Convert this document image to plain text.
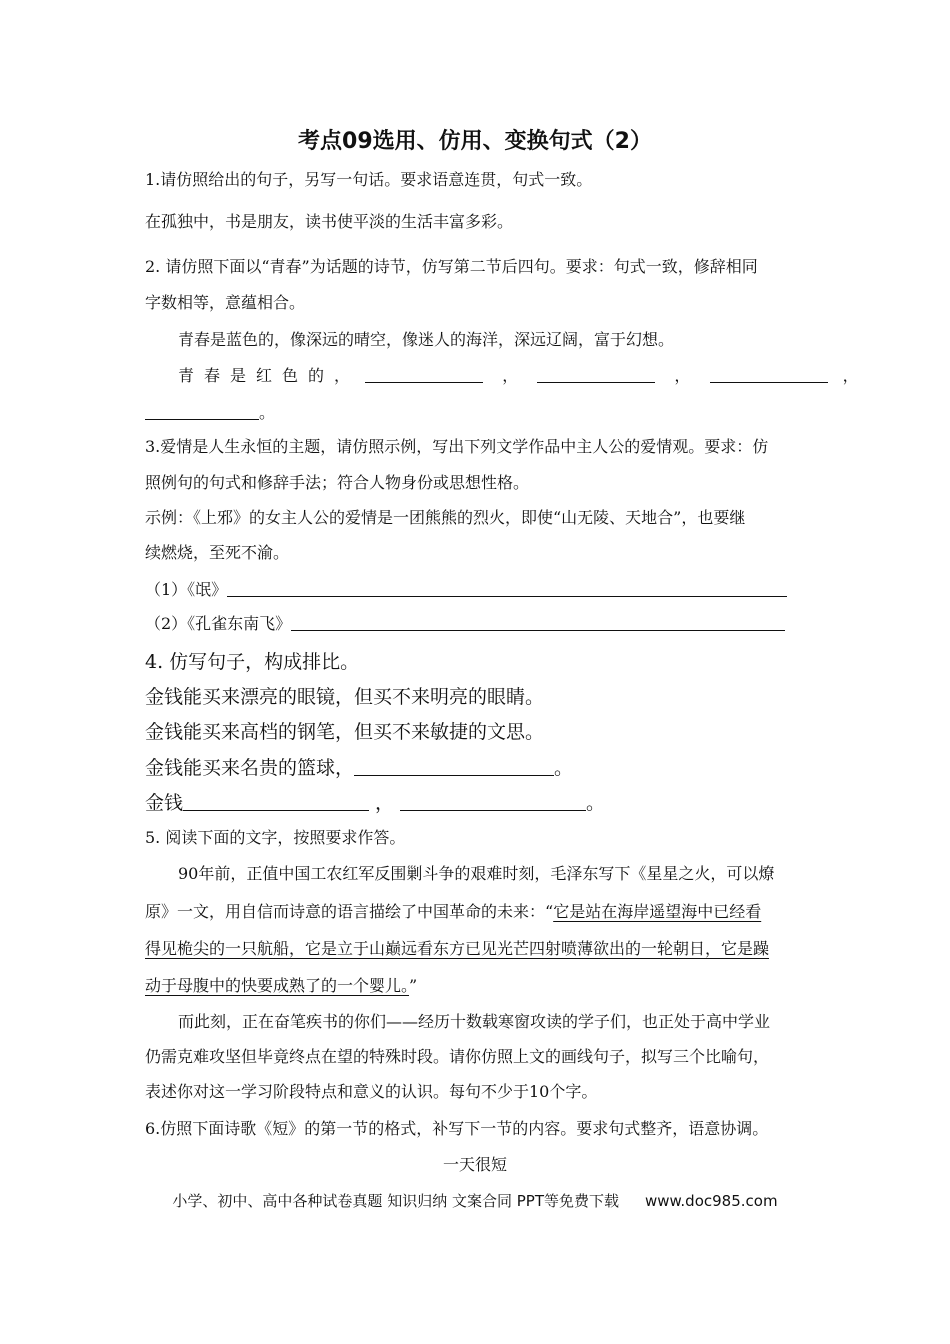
考点09选用、仿用、变换句式（2）
1.请仿照给出的句子，另写一句话。要求语意连贯，句式一致。
在孤独中，书是朋友，读书使平淡的生活丰富多彩。
2. 请仿照下面以“青春”为话题的诗节，仿写第二节后四句。要求：句式一致，修辞相同
字数相等，意蕴相合。
青春是蓝色的，像深远的晴空，像迷人的海洋，深远辽阔，富于幻想。
青春是红色的，	，	，	，
。
3.爱情是人生永恒的主题，请仿照示例，写出下列文学作品中主人公的爱情观。要求：仿
照例句的句式和修辞手法；符合人物身份或思想性格。
示例：《上邪》的女主人公的爱情是一团熊熊的烈火，即使“山无陵、天地合”，也要继
续燃烧，至死不渝。
（1）《氓》
（2）《孔雀东南飞》
4. 仿写句子，构成排比。
金钱能买来漂亮的眼镜，但买不来明亮的眼睛。
金钱能买来高档的钢笔，但买不来敏捷的文思。
金钱能买来名贵的篮球，	。
金钱	，	。
5. 阅读下面的文字，按照要求作答。
90年前，正值中国工农红军反围剿斗争的艰难时刻，毛泽东写下《星星之火，可以燎
原》一文，用自信而诗意的语言描绘了中国革命的未来：“它是站在海岸遥望海中已经看
得见桅尖的一只航船，它是立于山巅远看东方已见光芒四射喷薄欲出的一轮朝日，它是躁
动于母腹中的快要成熟了的一个婴儿。”
而此刻，正在奋笔疾书的你们——经历十数载寒窗攻读的学子们，也正处于高中学业
仍需克难攻坚但毕竟终点在望的特殊时段。请你仿照上文的画线句子，拟写三个比喻句，
表述你对这一学习阶段特点和意义的认识。每句不少于10个字。
6.仿照下面诗歌《短》的第一节的格式，补写下一节的内容。要求句式整齐，语意协调。
一天很短
小学、初中、高中各种试卷真题 知识归纳 文案合同 PPT等免费下载 www.doc985.com
